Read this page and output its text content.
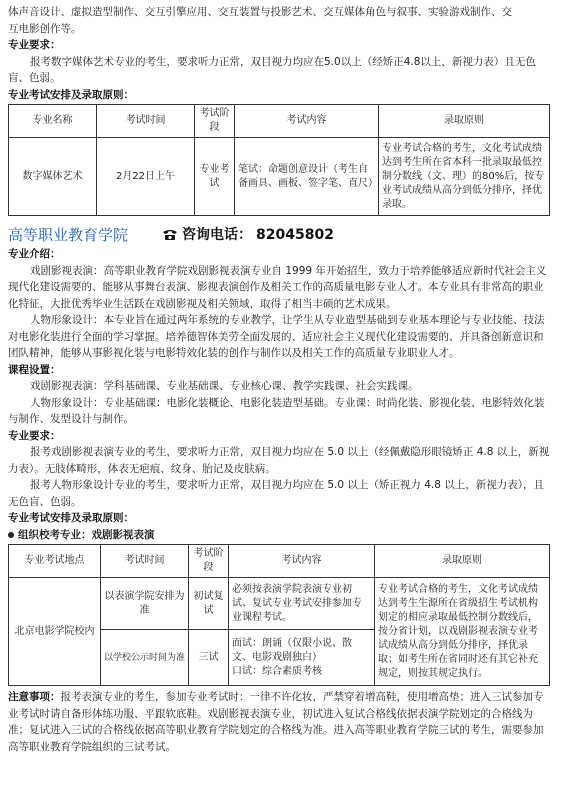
体声音设计、虚拟造型制作、交互引擎应用、交互装置与投影艺术、交互媒体角色与叙事、实验游戏制作、交
互电影创作等。
专业要求：
报考数字媒体艺术专业的考生，要求听力正常，双目视力均应在5.0以上（经矫正4.8以上，新视力表）且无色盲、色弱。
专业考试安排及录取原则：
专业名称	考试时间	考试阶段	考试内容	录取原则
数字媒体艺术	2月22日上午	专业考试	笔试：命题创意设计（考生自备画具、画板、签字笔、直尺）	专业考试合格的考生，文化考试成绩达到考生所在省本科一批录取最低控制分数线（文、理）的80%后，按专业考试成绩从高分到低分排序，择优录取。
高等职业教育学院	咨询电话： 82045802
专业介绍：
戏剧影视表演：高等职业教育学院戏剧影视表演专业自 1999 年开始招生，致力于培养能够适应新时代社会主义现代化建设需要的、能够从事舞台表演、影视表演创作及相关工作的高质量电影专业人才。本专业具有非常高的职业化特征，大批优秀毕业生活跃在戏剧影视及相关领域，取得了相当丰硕的艺术成果。
人物形象设计：本专业旨在通过两年系统的专业教学，让学生从专业造型基础到专业基本理论与专业技能、技法对电影化装进行全面的学习掌握。培养德智体美劳全面发展的、适应社会主义现代化建设需要的、并具备创新意识和团队精神，能够从事影视化装与电影特效化装的创作与制作以及相关工作的高质量专业职业人才。
课程设置：
戏剧影视表演：学科基础课、专业基础课、专业核心课、教学实践课、社会实践课。
人物形象设计：专业基础课：电影化装概论、电影化装造型基础。专业课：时尚化装、影视化装、电影特效化装与制作、发型设计与制作。
专业要求：
报考戏剧影视表演专业的考生，要求听力正常，双目视力均应在 5.0 以上（经佩戴隐形眼镜矫正 4.8 以上，新视力表）。无肢体畸形，体表无疤痕、纹身、胎记及皮肤病。
报考人物形象设计专业的考生，要求听力正常，双目视力均应在 5.0 以上（矫正视力 4.8 以上，新视力表），且无色盲、色弱。
专业考试安排及录取原则：
组织校考专业：戏剧影视表演
专业考试地点	考试时间	考试阶段	考试内容	录取原则
北京电影学院校内	以表演学院安排为准	初试复试	必须按表演学院表演专业初试、复试专业考试安排参加专业课程考试。	专业考试合格的考生，文化考试成绩达到考生生源所在省级招生考试机构划定的相应录取最低控制分数线后，按分省计划，以戏剧影视表演专业考试成绩从高分到低分排序，择优录取；如考生所在省同时还有其它补充规定，则按其规定执行。
	以学校公示时间为准	三试	面试：朗诵（仅限小说、散文、电影戏剧独白）
口试：综合素质考核	
注意事项：报考表演专业的考生，参加专业考试时：一律不许化妆，严禁穿着增高鞋，使用增高垫；进入三试参加专业考试时请自备形体练功服、平跟软底鞋。戏剧影视表演专业，初试进入复试合格线依据表演学院划定的合格线为准；复试进入三试的合格线依据高等职业教育学院划定的合格线为准。进入高等职业教育学院三试的考生，需要参加高等职业教育学院组织的三试考试。
